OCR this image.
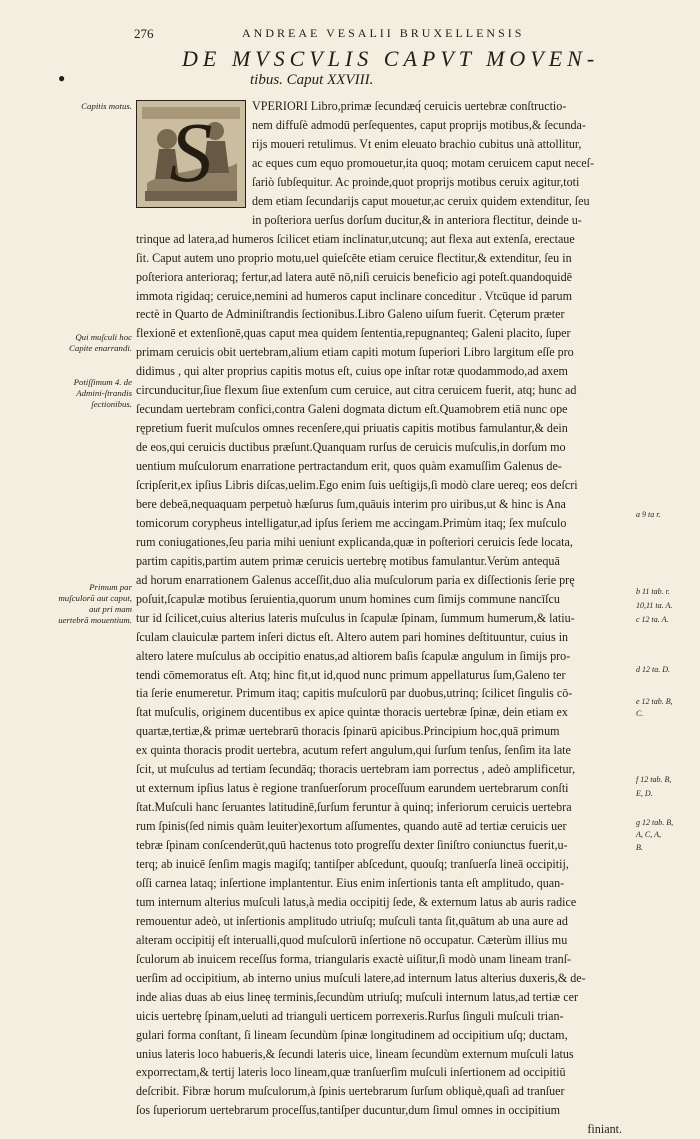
276	ANDREAE VESALII BRUXELLENSIS
●
DE MVSCVLIS CAPVT MOVEN-
tibus. Caput XXVIII.
S	VPERIORI Libro,primæ ſecundæq́ ceruicis uertebræ conſtructio-
nem diffuſè admodū perſequentes, caput proprijs motibus,& ſecunda-
rijs moueri retulimus. Vt enim eleuato brachio cubitus unà attollitur,
ac eques cum equo promouetur,ita quoq; motam ceruicem caput neceſ-
ſariò ſubſequitur. Ac proinde,quot proprijs motibus ceruix agitur,toti
dem etiam ſecundarijs caput mouetur,ac ceruix quidem extenditur, ſeu
in poſteriora uerſus dorſum ducitur,& in anteriora flectitur, deinde u-
trinque ad latera,ad humeros ſcilicet etiam inclinatur,utcunq; aut flexa aut extenſa, erectaue
ſit. Caput autem uno proprio motu,uel quieſcēte etiam ceruice flectitur,& extenditur, ſeu in
poſteriora anterioraq; fertur,ad latera autē nō,niſi ceruicis beneficio agi poteſt.quandoquidē
immota rigidaq; ceruice,nemini ad humeros caput inclinare conceditur . Vtcūque id parum
rectè in Quarto de Adminiſtrandis ſectionibus.Libro Galeno uiſum fuerit. Cęterum præter
flexionē et extenſionē,quas caput mea quidem ſententia,repugnanteq; Galeni placito, ſuper
primam ceruicis obit uertebram,alium etiam capiti motum ſuperiori Libro largitum eſſe pro
didimus , qui alter proprius capitis motus eſt, cuius ope inſtar rotæ quodammodo,ad axem
circunducitur,ſiue flexum ſiue extenſum cum ceruice, aut citra ceruicem fuerit, atq; hunc ad
ſecundam uertebram confici,contra Galeni dogmata dictum eſt.Quamobrem etiā nunc ope
rępretium fuerit muſculos omnes recenſere,qui priuatis capitis motibus famulantur,& dein
de eos,qui ceruicis ductibus præſunt.Quanquam rurſus de ceruicis muſculis,in dorſum mo
uentium muſculorum enarratione pertractandum erit, quos quàm examuſſim Galenus de-
ſcripſerit,ex ipſius Libris diſcas,uelim.Ego enim ſuis ueſtigijs,ſi modò clare uereq; eos deſcri
bere debeā,nequaquam perpetuò hæſurus ſum,quāuis interim pro uiribus,ut & hinc is Ana
tomicorum corypheus intelligatur,ad ipſus ſeriem me accingam.Primùm itaq; ſex muſculo
rum coniugationes,ſeu paria mihi ueniunt explicanda,quæ in poſteriori ceruicis ſede locata,
partim capitis,partim autem primæ ceruicis uertebrę motibus famulantur.Verùm antequā
ad horum enarrationem Galenus acceſſit,duo alia muſculorum paria ex diſſectionis ſerie prę
poſuit,ſcapulæ motibus ſeruientia,quorum unum homines cum ſimijs commune nancīſcu
tur id ſcilicet,cuius alterius lateris muſculus in ſcapulæ ſpinam, ſummum humerum,& latiu-
ſculam clauiculæ partem inſeri dictus eſt. Altero autem pari homines deſtituuntur, cuius in
altero latere muſculus ab occipitio enatus,ad altiorem baſis ſcapulæ angulum in ſimijs pro-
tendi cōmemoratus eſt. Atq; hinc fit,ut id,quod nunc primum appellaturus ſum,Galeno ter
tia ſerie enumeretur. Primum itaq; capitis muſculorū par duobus,utrinq; ſcilicet ſingulis cō-
ſtat muſculis, originem ducentibus ex apice quintæ thoracis uertebræ ſpinæ, dein etiam ex
quartæ,tertiæ,& primæ uertebrarū thoracis ſpinarū apicibus.Principium hoc,quā primum
ex quinta thoracis prodit uertebra, acutum refert angulum,qui ſurſum tenſus, ſenſim ita late
ſcit, ut muſculus ad tertiam ſecundāq; thoracis uertebram iam porrectus , adeò amplificetur,
ut externum ipſius latus è regione tranſuerſorum proceſſuum earundem uertebrarum conſti
ſtat.Muſculi hanc ſeruantes latitudinē,ſurſum feruntur à quinq; inferiorum ceruicis uertebra
rum ſpinis(ſed nimis quàm leuiter)exortum aſſumentes, quando autē ad tertiæ ceruicis uer
tebræ ſpinam conſcenderūt,quū hactenus toto progreſſu dexter ſiniſtro coniunctus fuerit,u-
terq; ab inuicē ſenſim magis magiſq; tantiſper abſcedunt, quouſq; tranſuerſa lineā occipitij,
oſſi carnea lataq; inſertione implantentur. Eius enim inſertionis tanta eſt amplitudo, quan-
tum internum alterius muſculi latus,à media occipitij ſede, & externum latus ab auris radice
remouentur adeò, ut inſertionis amplitudo utriuſq; muſculi tanta ſit,quātum ab una aure ad
alteram occipitij eſt interualli,quod muſculorū inſertione nō occupatur. Cæterùm illius mu
ſculorum ab inuicem receſſus forma, triangularis exactè uiſitur,ſi modò unam lineam tranſ-
uerſim ad occipitium, ab interno unius muſculi latere,ad internum latus alterius duxeris,& de-
inde alias duas ab eius lineę terminis,ſecundùm utriuſq; muſculi internum latus,ad tertiæ cer
uicis uertebrę ſpinam,ueluti ad trianguli uerticem porrexeris.Rurſus ſinguli muſculi trian-
gulari forma conſtant, ſi lineam ſecundùm ſpinæ longitudinem ad occipitium uſq; ductam,
unius lateris loco habueris,& ſecundi lateris uice, lineam ſecundùm externum muſculi latus
exporrectam,& tertij lateris loco lineam,quæ tranſuerſim muſculi inſertionem ad occipitiū
deſcribit. Fibræ horum muſculorum,à ſpinis uertebrarum ſurſum obliquè,quaſi ad tranſuer
ſos ſuperiorum uertebrarum proceſſus,tantiſper ducuntur,dum ſimul omnes in occipitium
finiant.
Capitis motus.
Qui muſculi hoc Capite enarrandi.
Potiſſimum 4. de Admini-ſtrandis ſectionibus.
Primum par muſculorū aut caput, aut pri mam uertebrā mouentium.
a 9 ta r.
b 11 tab. r.
10,11 ta. A.
c 12 ta. A.
d 12 ta. D.
e 12 tab. B,
C.
f 12 tab. B,
E, D.
g 12 tab. B,
A, C, A,
B.
